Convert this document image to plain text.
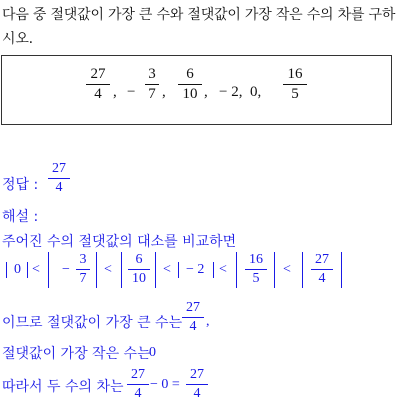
다음 중 절댓값이 가장 큰 수와 절댓값이 가장 작은 수의 차를 구하
시오.
27
4 , −
3
7 ,
6
10 ,   − 2,  0,
16
5
정답 :
27
4
해설 :
주어진 수의 절댓값의 대소를 비교하면
0 < −
3
7
<
6
10
< − 2 <
16
5
<
27
4
이므로 절댓값이 가장 큰 수는
27
4 ,
절댓값이 가장 작은 수는
0
따라서 두 수의 차는
27
4
− 0 =
27
4
